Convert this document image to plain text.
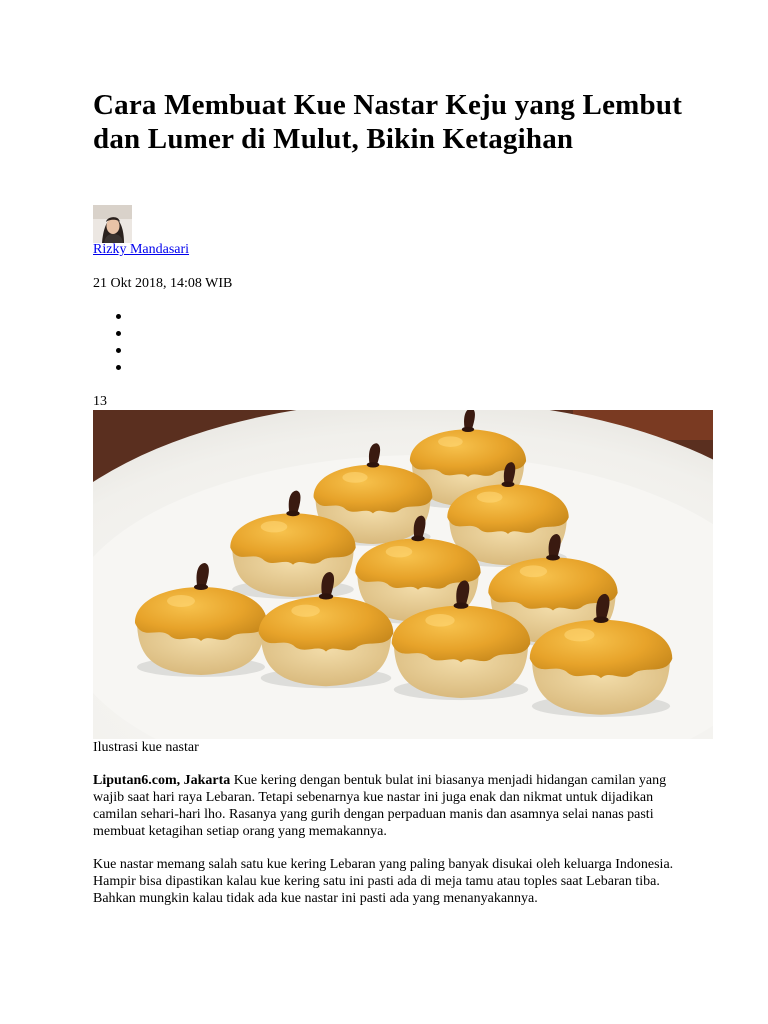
Cara Membuat Kue Nastar Keju yang Lembut dan Lumer di Mulut, Bikin Ketagihan
Rizky Mandasari
21 Okt 2018, 14:08 WIB
13
Ilustrasi kue nastar

Liputan6.com, Jakarta Kue kering dengan bentuk bulat ini biasanya menjadi hidangan camilan yang wajib saat hari raya Lebaran. Tetapi sebenarnya kue nastar ini juga enak dan nikmat untuk dijadikan camilan sehari-hari lho. Rasanya yang gurih dengan perpaduan manis dan asamnya selai nanas pasti membuat ketagihan setiap orang yang memakannya.

Kue nastar memang salah satu kue kering Lebaran yang paling banyak disukai oleh keluarga Indonesia. Hampir bisa dipastikan kalau kue kering satu ini pasti ada di meja tamu atau toples saat Lebaran tiba. Bahkan mungkin kalau tidak ada kue nastar ini pasti ada yang menanyakannya.
